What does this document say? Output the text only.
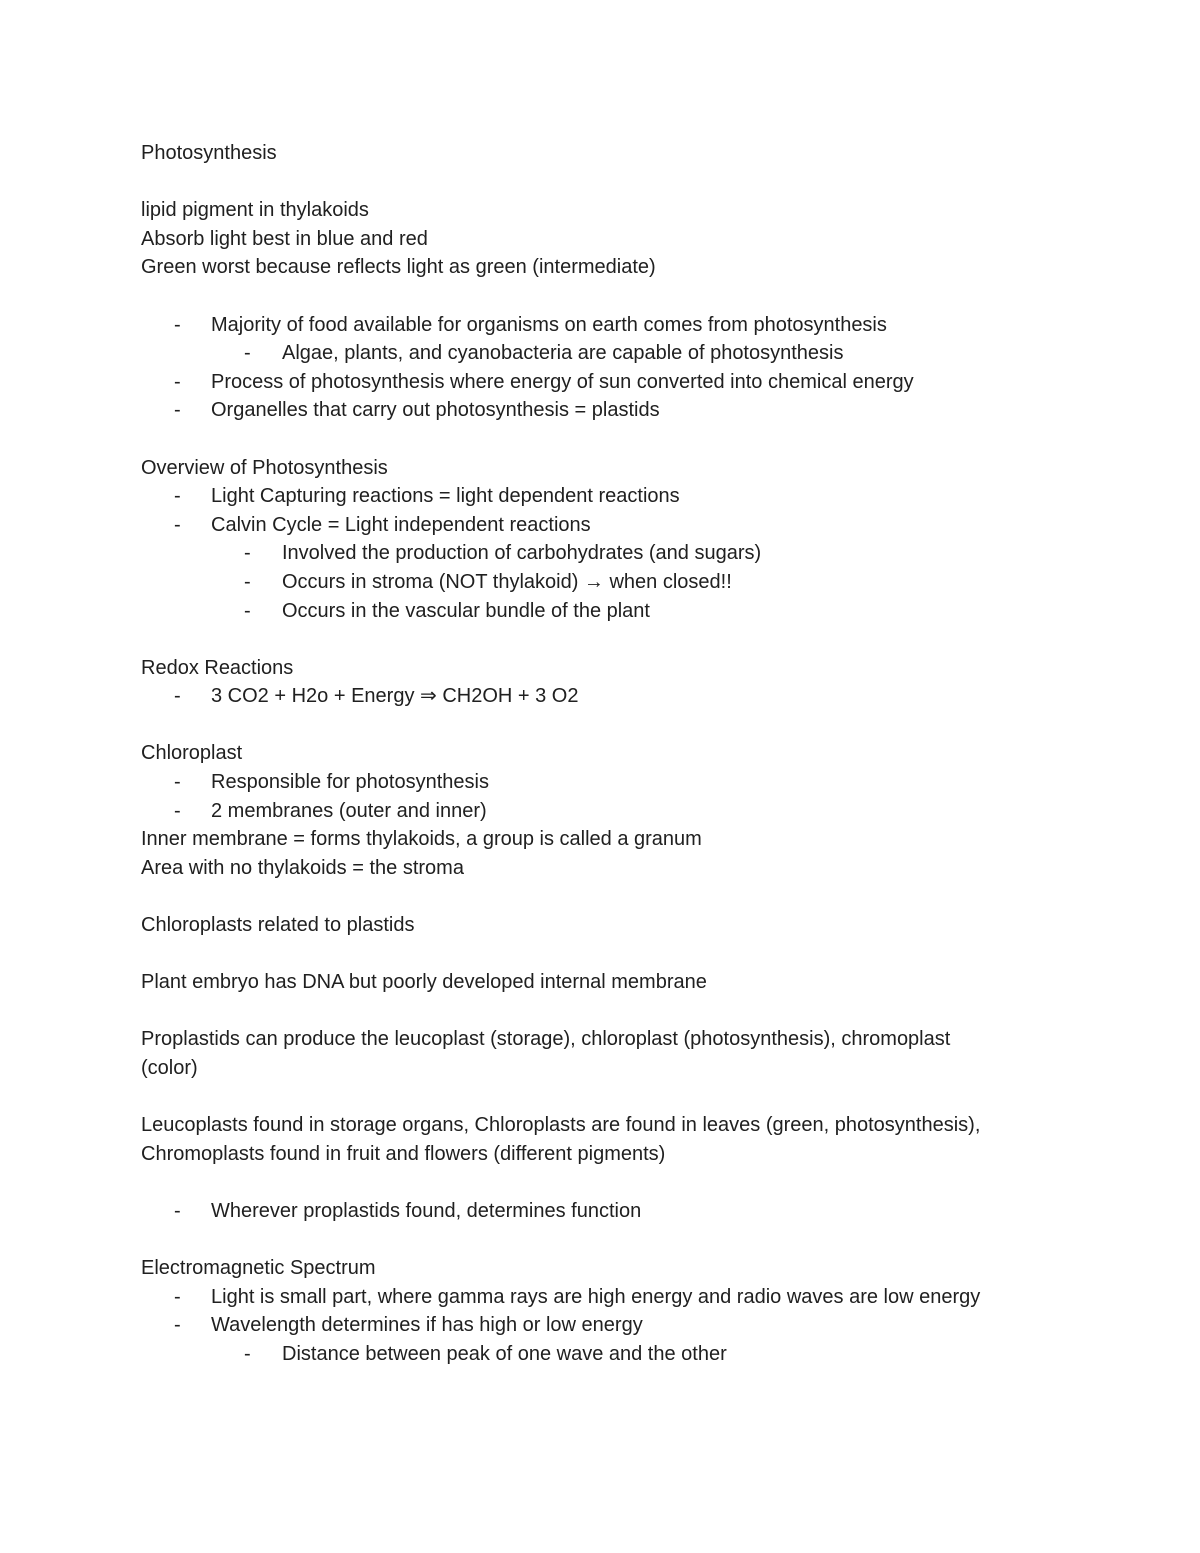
Photosynthesis
lipid pigment in thylakoids
Absorb light best in blue and red
Green worst because reflects light as green (intermediate)
-	Majority of food available for organisms on earth comes from photosynthesis
-	Algae, plants, and cyanobacteria are capable of photosynthesis
-	Process of photosynthesis where energy of sun converted into chemical energy
-	Organelles that carry out photosynthesis = plastids
Overview of Photosynthesis
-	Light Capturing reactions = light dependent reactions
-	Calvin Cycle = Light independent reactions
-	Involved the production of carbohydrates (and sugars)
-	Occurs in stroma (NOT thylakoid) → when closed!!
-	Occurs in the vascular bundle of the plant
Redox Reactions
-	3 CO2 + H2o + Energy ⇒ CH2OH + 3 O2
Chloroplast
-	Responsible for photosynthesis
-	2 membranes (outer and inner)
Inner membrane = forms thylakoids, a group is called a granum
Area with no thylakoids = the stroma
Chloroplasts related to plastids
Plant embryo has DNA but poorly developed internal membrane
Proplastids can produce the leucoplast (storage), chloroplast (photosynthesis), chromoplast
(color)
Leucoplasts found in storage organs, Chloroplasts are found in leaves (green, photosynthesis),
Chromoplasts found in fruit and flowers (different pigments)
-	Wherever proplastids found, determines function
Electromagnetic Spectrum
-	Light is small part, where gamma rays are high energy and radio waves are low energy
-	Wavelength determines if has high or low energy
-	Distance between peak of one wave and the other
